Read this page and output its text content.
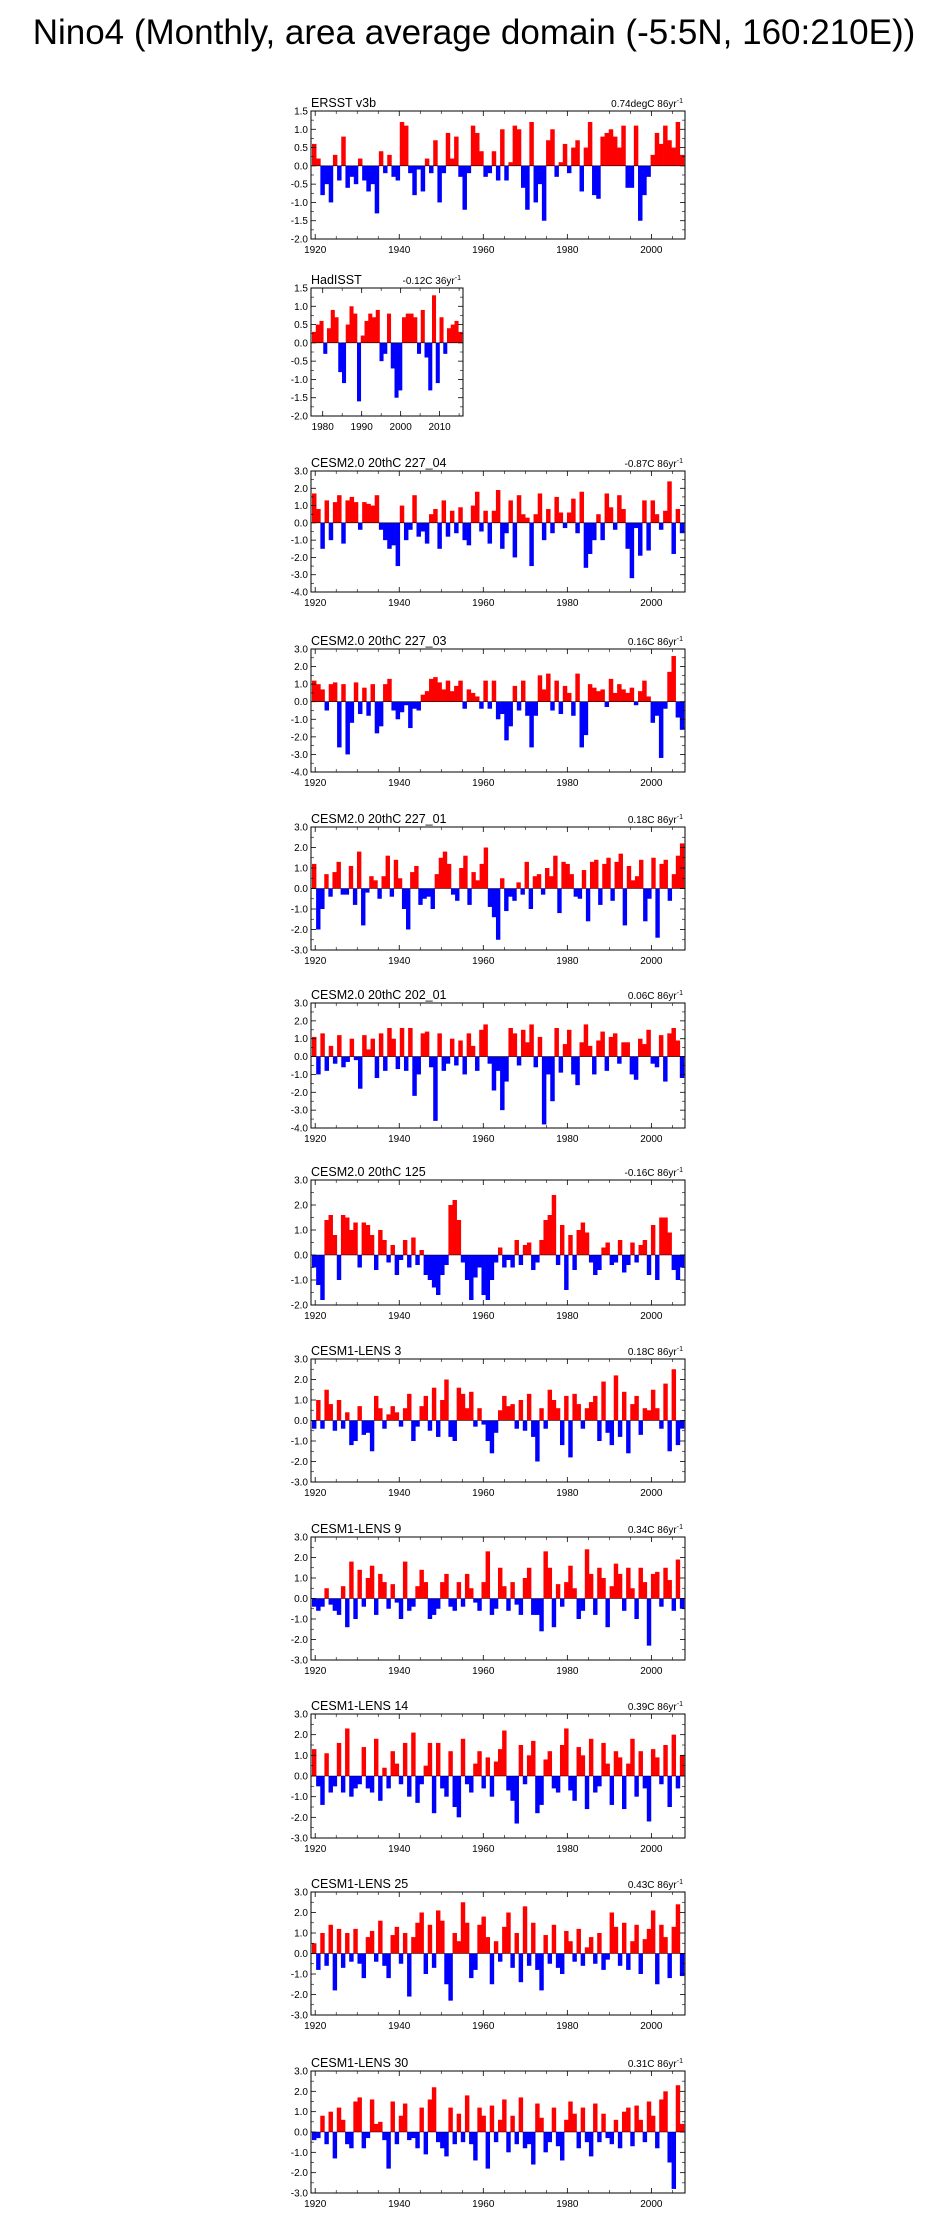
Nino4 (Monthly, area average domain (-5:5N, 160:210E))
1.5
1.0
0.5
0.0
-0.5
-1.0
-1.5
-2.0
1920	1940	1960	1980	2000
ERSST v3b	0.74degC $86yr^{-1}$
1.5
1.0
0.5
0.0
-0.5
-1.0
-1.5
-2.0
1980 1990 2000 2010
HadISST	-0.12C $36yr^{-1}$
3.0
2.0
1.0
0.0
-1.0
-2.0
-3.0
-4.0
1920	1940	1960	1980	2000
CESM2.0 20thC 227_04	-0.87C $86yr^{-1}$
3.0
2.0
1.0
0.0
-1.0
-2.0
-3.0
-4.0
1920	1940	1960	1980	2000
CESM2.0 20thC 227_03	0.16C $86yr^{-1}$
3.0
2.0
1.0
0.0
-1.0
-2.0
-3.0
1920	1940	1960	1980	2000
CESM2.0 20thC 227_01	0.18C $86yr^{-1}$
3.0
2.0
1.0
0.0
-1.0
-2.0
-3.0
-4.0
1920	1940	1960	1980	2000
CESM2.0 20thC 202_01	0.06C $86yr^{-1}$
3.0
2.0
1.0
0.0
-1.0
-2.0
1920	1940	1960	1980	2000
CESM2.0 20thC 125	-0.16C $86yr^{-1}$
3.0
2.0
1.0
0.0
-1.0
-2.0
-3.0
1920	1940	1960	1980	2000
CESM1-LENS 3	0.18C $86yr^{-1}$
3.0
2.0
1.0
0.0
-1.0
-2.0
-3.0
1920	1940	1960	1980	2000
CESM1-LENS 9	0.34C $86yr^{-1}$
3.0
2.0
1.0
0.0
-1.0
-2.0
-3.0
1920	1940	1960	1980	2000
CESM1-LENS 14	0.39C $86yr^{-1}$
3.0
2.0
1.0
0.0
-1.0
-2.0
-3.0
1920	1940	1960	1980	2000
CESM1-LENS 25	0.43C $86yr^{-1}$
3.0
2.0
1.0
0.0
-1.0
-2.0
-3.0
1920	1940	1960	1980	2000
CESM1-LENS 30	0.31C $86yr^{-1}$
